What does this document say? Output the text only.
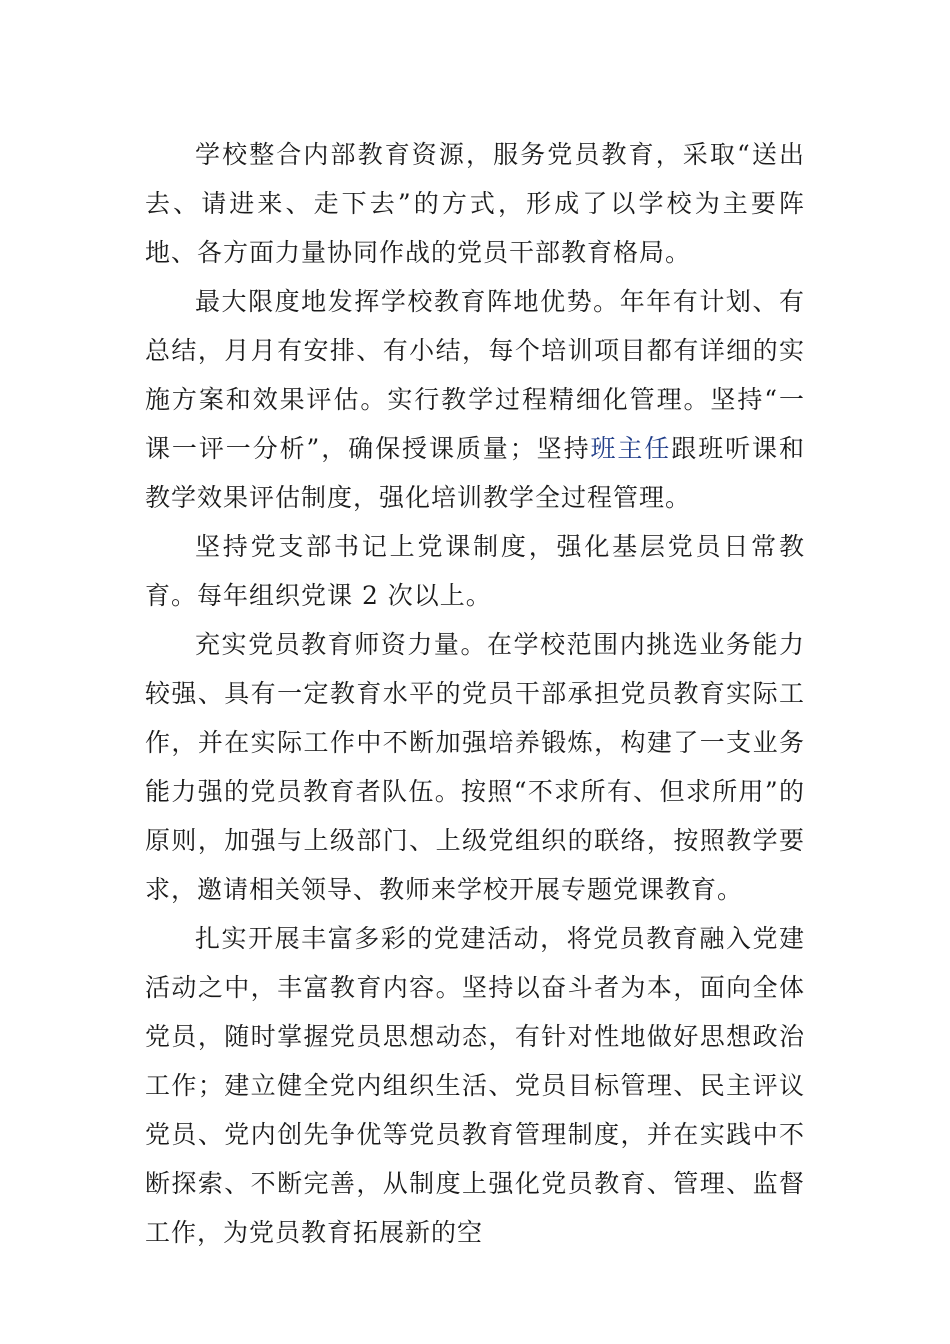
学校整合内部教育资源，服务党员教育，采取“送出去、请进来、走下去”的方式，形成了以学校为主要阵地、各方面力量协同作战的党员干部教育格局。

最大限度地发挥学校教育阵地优势。年年有计划、有总结，月月有安排、有小结，每个培训项目都有详细的实施方案和效果评估。实行教学过程精细化管理。坚持“一课一评一分析”，确保授课质量；坚持班主任跟班听课和教学效果评估制度，强化培训教学全过程管理。

坚持党支部书记上党课制度，强化基层党员日常教育。每年组织党课 2 次以上。

充实党员教育师资力量。在学校范围内挑选业务能力较强、具有一定教育水平的党员干部承担党员教育实际工作，并在实际工作中不断加强培养锻炼，构建了一支业务能力强的党员教育者队伍。按照“不求所有、但求所用”的原则，加强与上级部门、上级党组织的联络，按照教学要求，邀请相关领导、教师来学校开展专题党课教育。

扎实开展丰富多彩的党建活动，将党员教育融入党建活动之中，丰富教育内容。坚持以奋斗者为本，面向全体党员，随时掌握党员思想动态，有针对性地做好思想政治工作；建立健全党内组织生活、党员目标管理、民主评议党员、党内创先争优等党员教育管理制度，并在实践中不断探索、不断完善，从制度上强化党员教育、管理、监督工作，为党员教育拓展新的空
